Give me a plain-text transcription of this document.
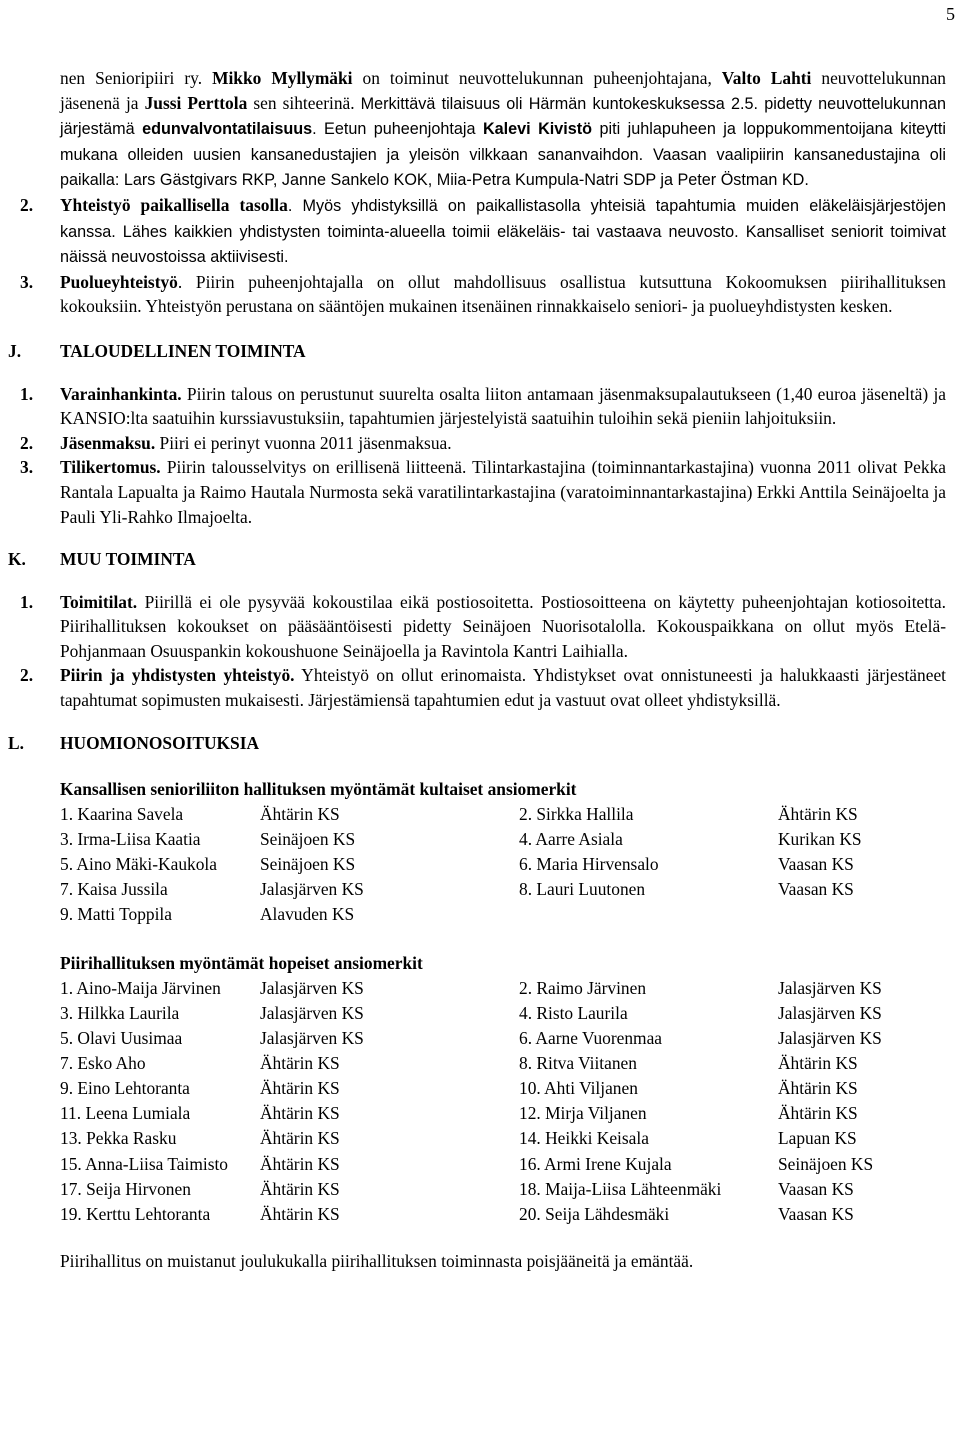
5

nen Senioripiiri ry. Mikko Myllymäki on toiminut neuvottelukunnan puheenjohtajana, Valto Lahti neuvottelukunnan jäsenenä ja Jussi Perttola sen sihteerinä. Merkittävä tilaisuus oli Härmän kuntokeskuksessa 2.5. pidetty neuvottelukunnan järjestämä edunvalvontatilaisuus. Eetun puheenjohtaja Kalevi Kivistö piti juhlapuheen ja loppukommentoijana kiteytti mukana olleiden uusien kansanedustajien ja yleisön vilkkaan sananvaihdon. Vaasan vaalipiirin kansanedustajina oli paikalla: Lars Gästgivars RKP, Janne Sankelo KOK, Miia-Petra Kumpula-Natri SDP ja Peter Östman KD.

2. Yhteistyö paikallisella tasolla. Myös yhdistyksillä on paikallistasolla yhteisiä tapahtumia muiden eläkeläisjärjestöjen kanssa. Lähes kaikkien yhdistysten toiminta-alueella toimii eläkeläis- tai vastaava neuvosto. Kansalliset seniorit toimivat näissä neuvostoissa aktiivisesti.

3. Puolueyhteistyö. Piirin puheenjohtajalla on ollut mahdollisuus osallistua kutsuttuna Kokoomuksen piirihallituksen kokouksiin. Yhteistyön perustana on sääntöjen mukainen itsenäinen rinnakkaiselo seniori- ja puolueyhdistysten kesken.

J. TALOUDELLINEN TOIMINTA
1. Varainhankinta. Piirin talous on perustunut suurelta osalta liiton antamaan jäsenmaksupalautukseen (1,40 euroa jäseneltä) ja KANSIO:lta saatuihin kurssiavustuksiin, tapahtumien järjestelyistä saatuihin tuloihin sekä pieniin lahjoituksiin.

2. Jäsenmaksu. Piiri ei perinyt vuonna 2011 jäsenmaksua.

3. Tilikertomus. Piirin talousselvitys on erillisenä liitteenä. Tilintarkastajina (toiminnantarkastajina) vuonna 2011 olivat Pekka Rantala Lapualta ja Raimo Hautala Nurmosta sekä varatilintarkastajina (varatoiminnantarkastajina) Erkki Anttila Seinäjoelta ja Pauli Yli-Rahko Ilmajoelta.

K. MUU TOIMINTA
1. Toimitilat. Piirillä ei ole pysyvää kokoustilaa eikä postiosoitetta. Postiosoitteena on käytetty puheenjohtajan kotiosoitetta. Piirihallituksen kokoukset on pääsääntöisesti pidetty Seinäjoen Nuorisotalolla. Kokouspaikkana on ollut myös Etelä-Pohjanmaan Osuuspankin kokoushuone Seinäjoella ja Ravintola Kantri Laihialla.

2. Piirin ja yhdistysten yhteistyö. Yhteistyö on ollut erinomaista. Yhdistykset ovat onnistuneesti ja halukkaasti järjestäneet tapahtumat sopimusten mukaisesti. Järjestämiensä tapahtumien edut ja vastuut ovat olleet yhdistyksillä.

L. HUOMIONOSOITUKSIA
Kansallisen senioriliiton hallituksen myöntämät kultaiset ansiomerkit
1. Kaarina Savela	Ähtärin KS	2. Sirkka Hallila	Ähtärin KS
3. Irma-Liisa Kaatia	Seinäjoen KS	4. Aarre Asiala	Kurikan KS
5. Aino Mäki-Kaukola	Seinäjoen KS	6. Maria Hirvensalo	Vaasan KS
7. Kaisa Jussila	Jalasjärven KS	8. Lauri Luutonen	Vaasan KS
9. Matti Toppila	Alavuden KS		
Piirihallituksen myöntämät hopeiset ansiomerkit
1. Aino-Maija Järvinen	Jalasjärven KS	2. Raimo Järvinen	Jalasjärven KS
3. Hilkka Laurila	Jalasjärven KS	4. Risto Laurila	Jalasjärven KS
5. Olavi Uusimaa	Jalasjärven KS	6. Aarne Vuorenmaa	Jalasjärven KS
7. Esko Aho	Ähtärin KS	8. Ritva Viitanen	Ähtärin KS
9. Eino Lehtoranta	Ähtärin KS	10. Ahti Viljanen	Ähtärin KS
11. Leena Lumiala	Ähtärin KS	12. Mirja Viljanen	Ähtärin KS
13. Pekka Rasku	Ähtärin KS	14. Heikki Keisala	Lapuan KS
15. Anna-Liisa Taimisto	Ähtärin KS	16. Armi Irene Kujala	Seinäjoen KS
17. Seija Hirvonen	Ähtärin KS	18. Maija-Liisa Lähteenmäki	Vaasan KS
19. Kerttu Lehtoranta	Ähtärin KS	20. Seija Lähdesmäki	Vaasan KS

Piirihallitus on muistanut joulukukalla piirihallituksen toiminnasta poisjääneitä ja emäntää.
